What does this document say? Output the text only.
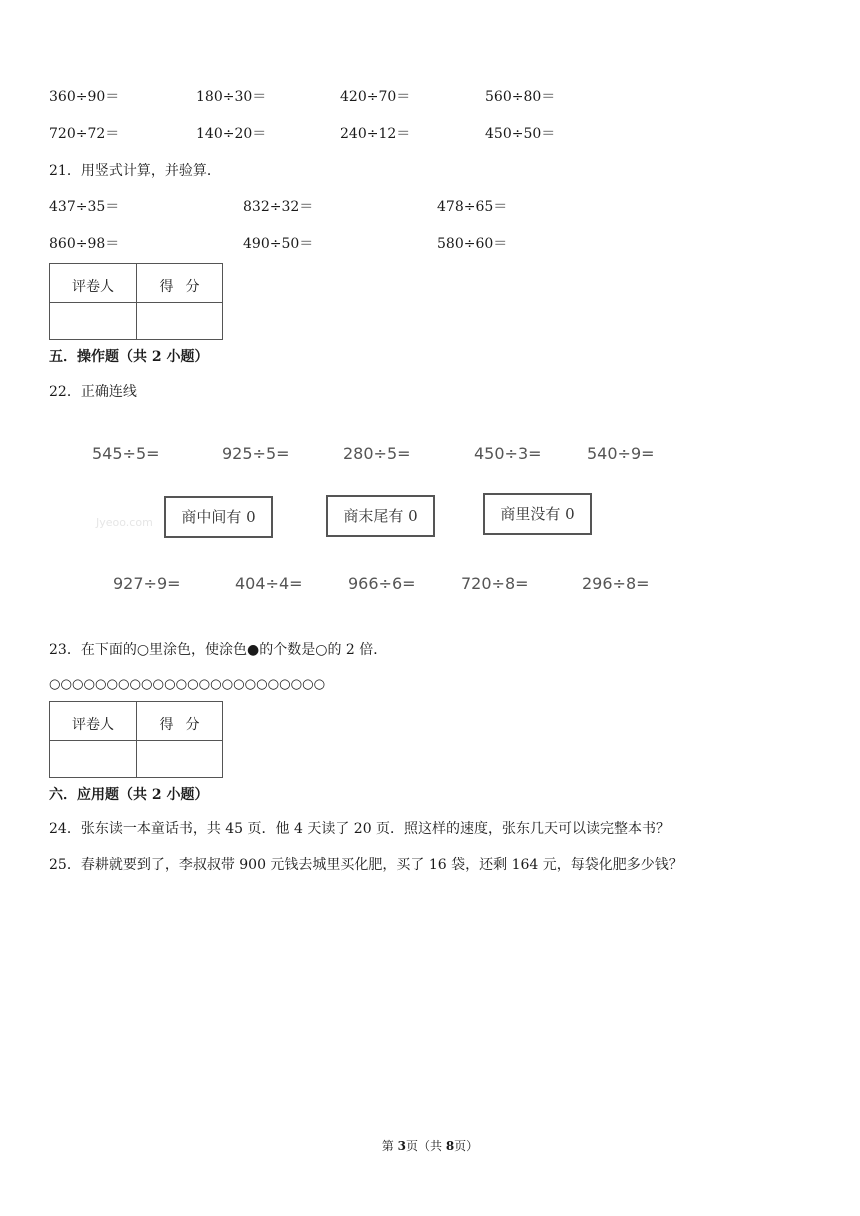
360÷90＝	180÷30＝	420÷70＝	560÷80＝
720÷72＝	140÷20＝	240÷12＝	450÷50＝
21．用竖式计算，并验算．
437÷35＝	832÷32＝	478÷65＝
860÷98＝	490÷50＝	580÷60＝
评卷人	得分
五．操作题（共 2 小题）
22．正确连线
545÷5=	925÷5=	280÷5=	450÷3=	540÷9=
Jyeoo.com	商中间有 0	商末尾有 0	商里没有 0
927÷9=	404÷4=	966÷6=	720÷8=	296÷8=
23．在下面的○里涂色，使涂色●的个数是○的 2 倍．
○○○○○○○○○○○○○○○○○○○○○○○○
评卷人	得分
六．应用题（共 2 小题）
24．张东读一本童话书，共 45 页．他 4 天读了 20 页．照这样的速度，张东几天可以读完整本书？
25．春耕就要到了，李叔叔带 900 元钱去城里买化肥，买了 16 袋，还剩 164 元，每袋化肥多少钱？
第 3页（共 8页）
